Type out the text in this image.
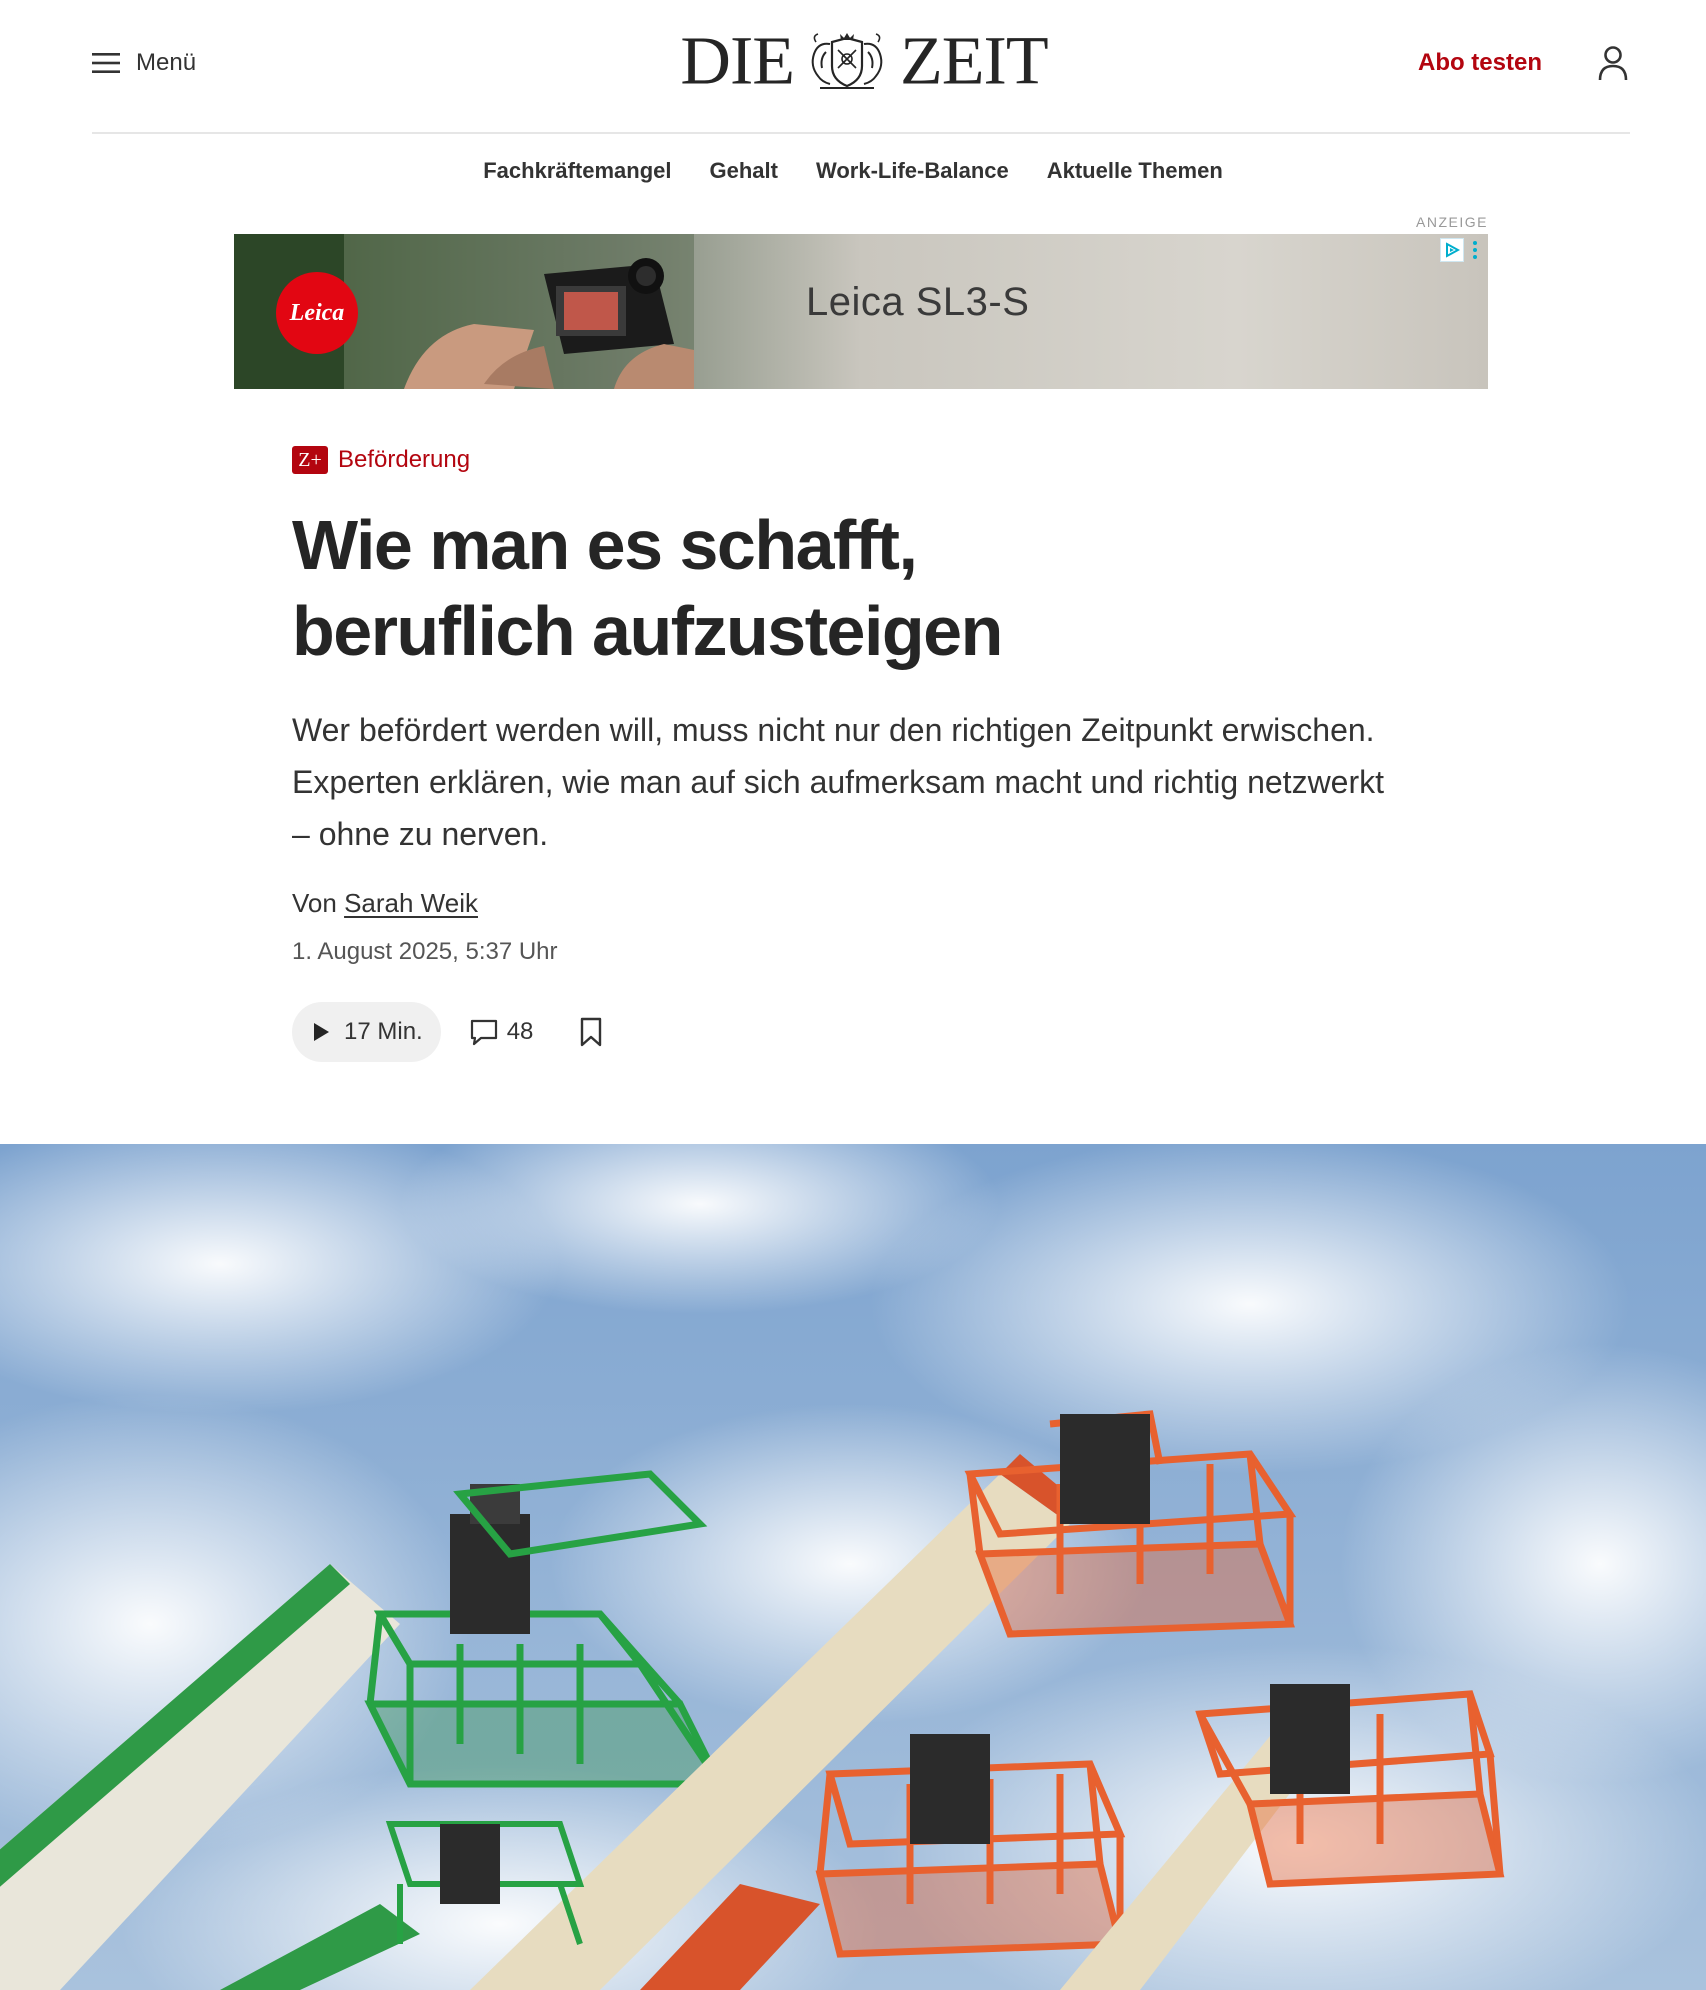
Menü	DIE ZEIT	Abo testen
Fachkräftemangel Gehalt Work-Life-Balance Aktuelle Themen
ANZEIGE
Leica	Leica SL3-S
Z+ Beförderung
Wie man es schafft,
beruflich aufzusteigen

Wer befördert werden will, muss nicht nur den richtigen Zeitpunkt erwischen. Experten erklären, wie man auf sich aufmerksam macht und richtig netzwerkt – ohne zu nerven.

Von Sarah Weik
1. August 2025, 5:37 Uhr
17 Min.	48
